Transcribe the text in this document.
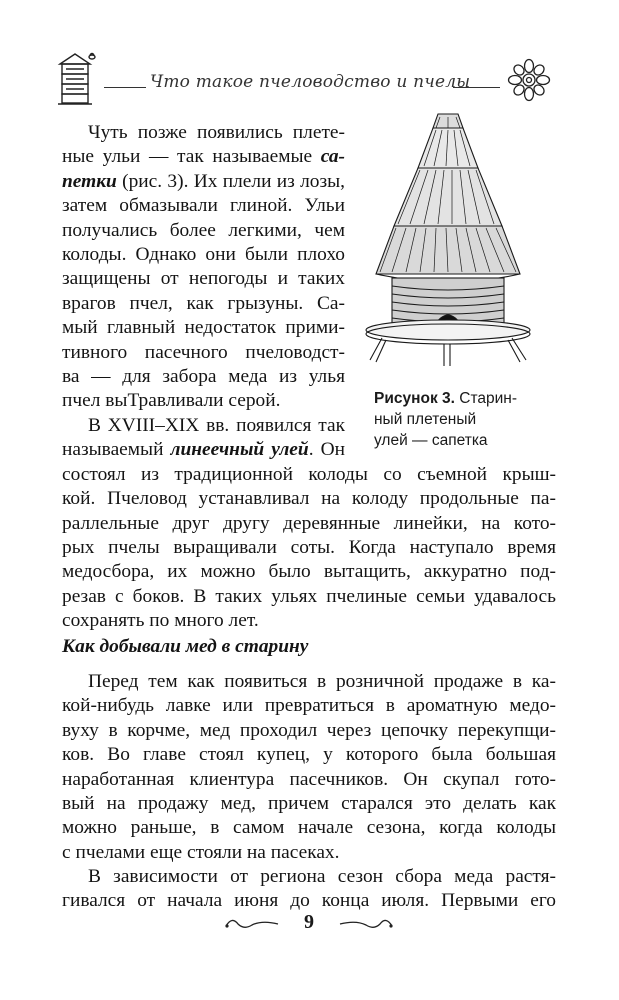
Что такое пчеловодство и пчелы
Чуть позже появились плете-
ные ульи — так называемые са-
петки (рис. 3). Их плели из лозы,
затем обмазывали глиной. Ульи
получались более легкими, чем
колоды. Однако они были плохо
защищены от непогоды и таких
врагов пчел, как грызуны. Са-
мый главный недостаток прими-
тивного пасечного пчеловодст-
ва — для забора меда из улья
пчел выТравливали серой.	Рисунок 3. Старин-
ный плетеный
улей — сапетка
В XVIII–XIX вв. появился так
называемый линеечный улей. Он
состоял из традиционной колоды со съемной крыш-
кой. Пчеловод устанавливал на колоду продольные па-
раллельные друг другу деревянные линейки, на кото-
рых пчелы выращивали соты. Когда наступало время
медосбора, их можно было вытащить, аккуратно под-
резав с боков. В таких ульях пчелиные семьи удавалось
сохранять по много лет.
Как добывали мед в старину
Перед тем как появиться в розничной продаже в ка-
кой-нибудь лавке или превратиться в ароматную медо-
вуху в корчме, мед проходил через цепочку перекупщи-
ков. Во главе стоял купец, у которого была большая
наработанная клиентура пасечников. Он скупал гото-
вый на продажу мед, причем старался это делать как
можно раньше, в самом начале сезона, когда колоды
с пчелами еще стояли на пасеках.
В зависимости от региона сезон сбора меда растя-
гивался от начала июня до конца июля. Первыми его
9
